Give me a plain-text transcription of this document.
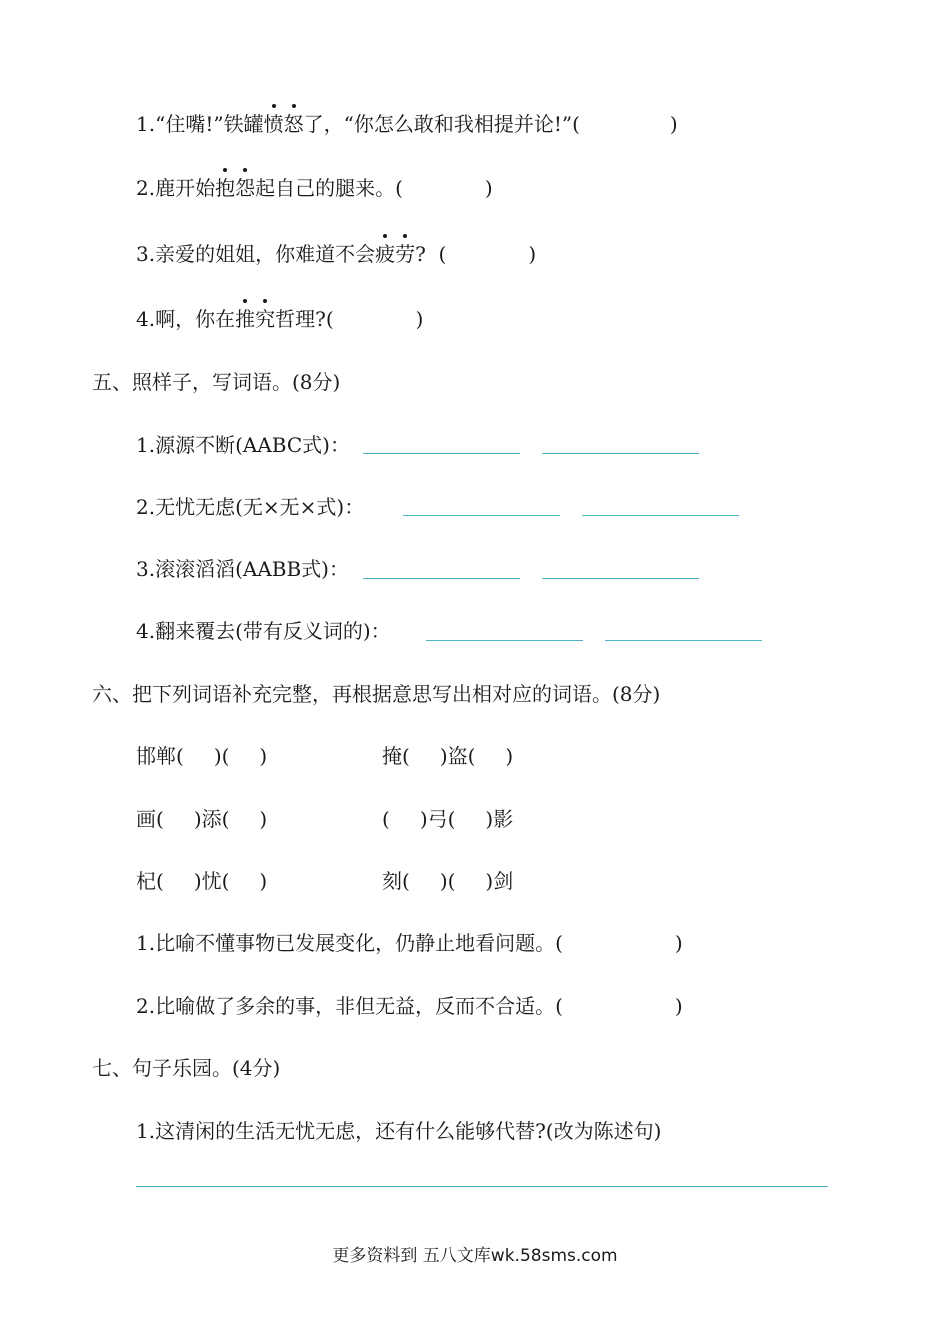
1.“住嘴!”铁罐愤怒了，“你怎么敢和我相提并论!”(	)
2.鹿开始抱怨起自己的腿来。(	)
3.亲爱的姐姐，你难道不会疲劳?  (	)
4.啊，你在推究哲理?(	)
五、照样子，写词语。(8分)
1.源源不断(AABC式)：
2.无忧无虑(无×无×式)：
3.滚滚滔滔(AABB式)：
4.翻来覆去(带有反义词的)：
六、把下列词语补充完整，再根据意思写出相对应的词语。(8分)
邯郸( )( )	掩( )盗( )
画( )添( )	( )弓( )影
杞( )忧( )	刻( )( )剑
1.比喻不懂事物已发展变化，仍静止地看问题。(	)
2.比喻做了多余的事，非但无益，反而不合适。(	)
七、句子乐园。(4分)
1.这清闲的生活无忧无虑，还有什么能够代替?(改为陈述句)
更多资料到 五八文库wk.58sms.com
